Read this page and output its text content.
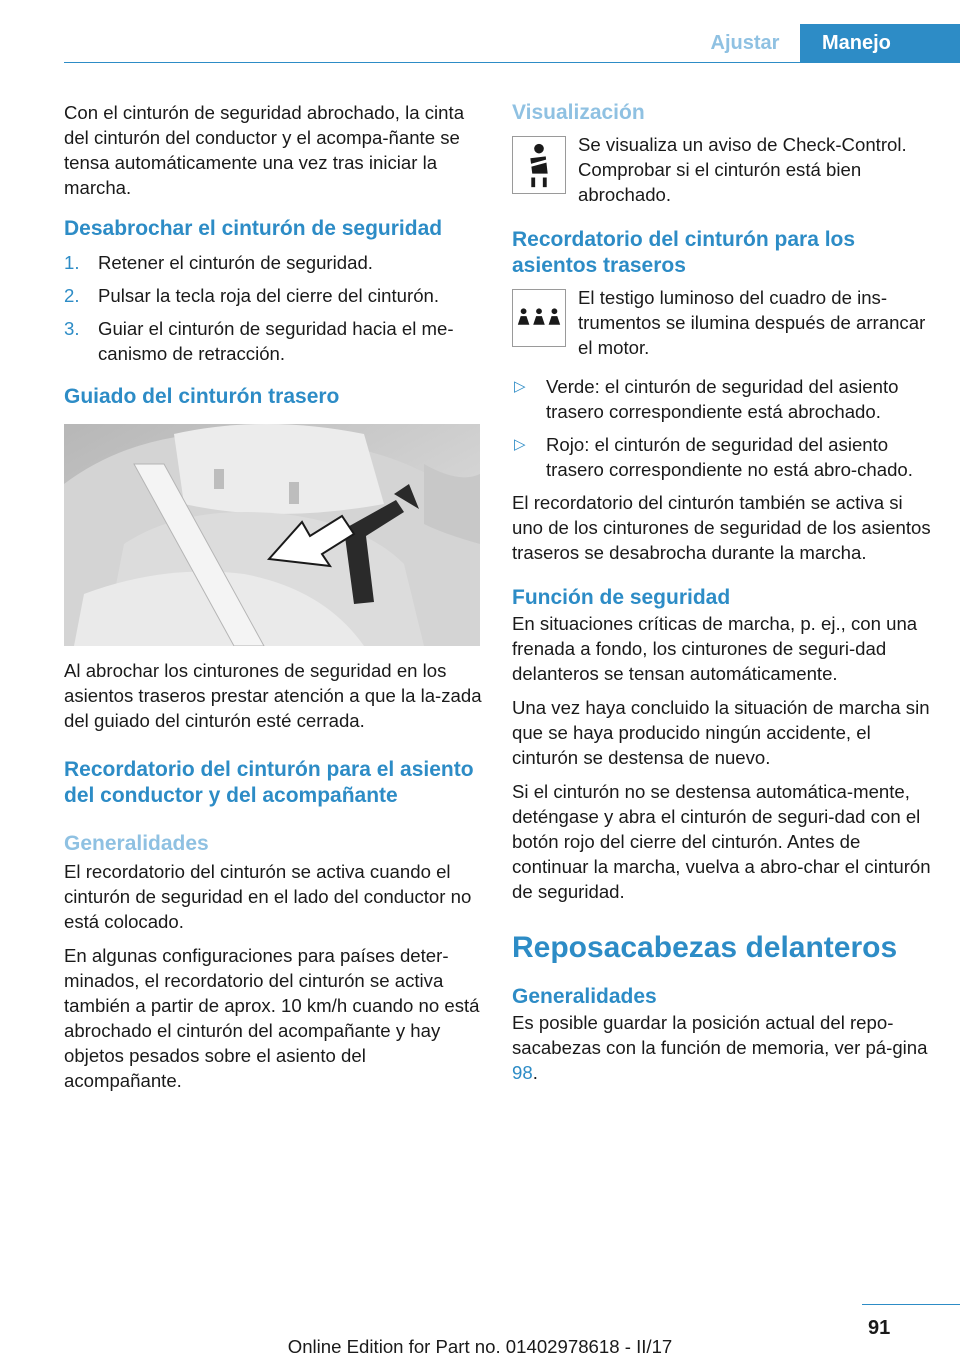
Ajustar	Manejo

Con el cinturón de seguridad abrochado, la cinta del cinturón del conductor y el acompa-ñante se tensa automáticamente una vez tras iniciar la marcha.

Desabrochar el cinturón de seguridad
1. Retener el cinturón de seguridad.
2. Pulsar la tecla roja del cierre del cinturón.
3. Guiar el cinturón de seguridad hacia el me-canismo de retracción.
Guiado del cinturón trasero

Al abrochar los cinturones de seguridad en los asientos traseros prestar atención a que la la-zada del guiado del cinturón esté cerrada.

Recordatorio del cinturón para el asiento del conductor y del acompañante
Generalidades

El recordatorio del cinturón se activa cuando el cinturón de seguridad en el lado del conductor no está colocado.

En algunas configuraciones para países deter-minados, el recordatorio del cinturón se activa también a partir de aprox. 10 km/h cuando no está abrochado el cinturón del acompañante y hay objetos pesados sobre el asiento del acompañante.

Visualización

Se visualiza un aviso de Check-Control. Comprobar si el cinturón está bien abrochado.

Recordatorio del cinturón para los asientos traseros

El testigo luminoso del cuadro de ins-trumentos se ilumina después de arrancar el motor.

▷ Verde: el cinturón de seguridad del asiento trasero correspondiente está abrochado.
▷ Rojo: el cinturón de seguridad del asiento trasero correspondiente no está abro-chado.

El recordatorio del cinturón también se activa si uno de los cinturones de seguridad de los asientos traseros se desabrocha durante la marcha.

Función de seguridad

En situaciones críticas de marcha, p. ej., con una frenada a fondo, los cinturones de seguri-dad delanteros se tensan automáticamente.

Una vez haya concluido la situación de marcha sin que se haya producido ningún accidente, el cinturón se destensa de nuevo.

Si el cinturón no se destensa automática-mente, deténgase y abra el cinturón de seguri-dad con el botón rojo del cierre del cinturón. Antes de continuar la marcha, vuelva a abro-char el cinturón de seguridad.

Reposacabezas delanteros
Generalidades

Es posible guardar la posición actual del repo-sacabezas con la función de memoria, ver pá-gina 98.

91
Online Edition for Part no. 01402978618 - II/17
